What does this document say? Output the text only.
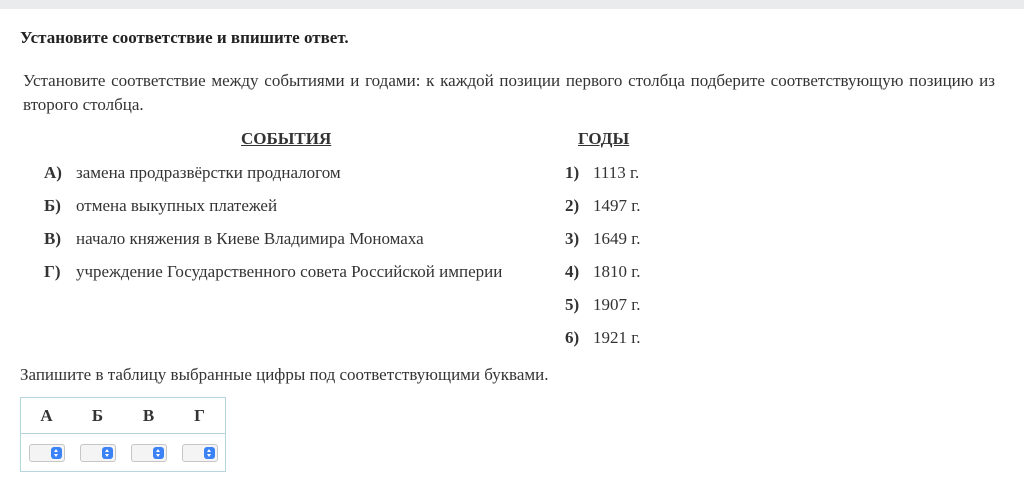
Установите соответствие и впишите ответ.
Установите соответствие между событиями и годами: к каждой позиции первого столбца подберите соответствующую позицию из второго столбца.
СОБЫТИЯ	ГОДЫ
А) замена продразвёрстки продналогом
Б) отмена выкупных платежей
В) начало княжения в Киеве Владимира Мономаха
Г) учреждение Государственного совета Российской империи
1) 1113 г.
2) 1497 г.
3) 1649 г.
4) 1810 г.
5) 1907 г.
6) 1921 г.
Запишите в таблицу выбранные цифры под соответствующими буквами.
А	Б	В	Г
